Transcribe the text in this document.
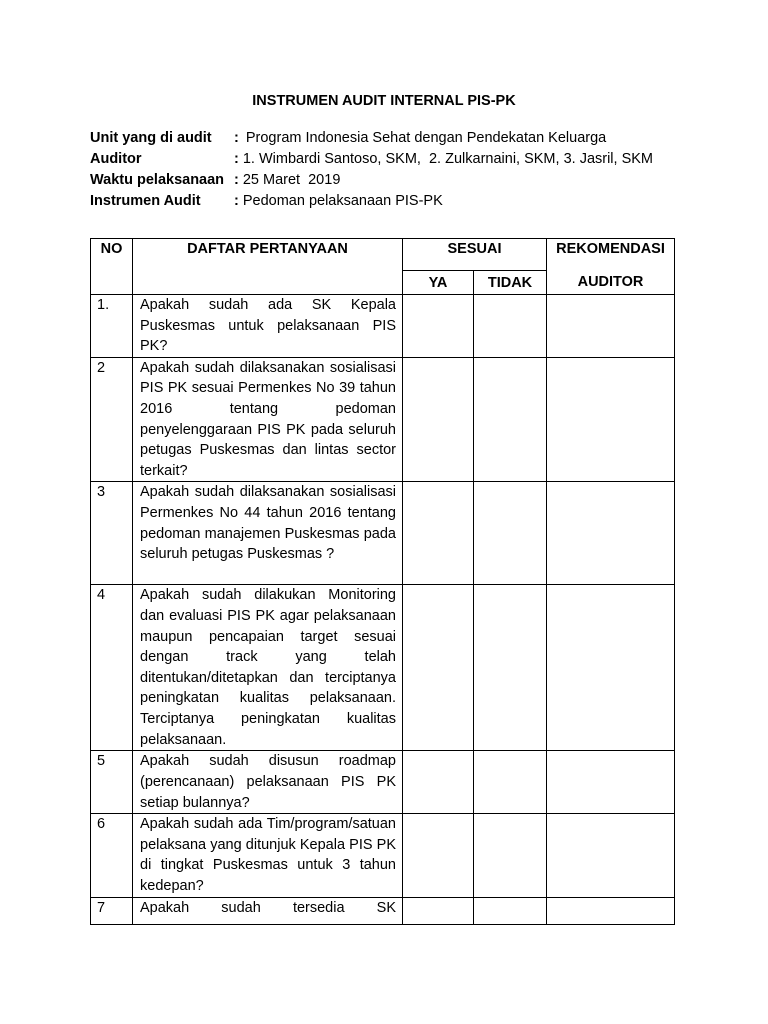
INSTRUMEN AUDIT INTERNAL PIS-PK
Unit yang di audit	: Program Indonesia Sehat dengan Pendekatan Keluarga
Auditor	: 1. Wimbardi Santoso, SKM,  2. Zulkarnaini, SKM, 3. Jasril, SKM
Waktu pelaksanaan : 25 Maret  2019
Instrumen Audit	: Pedoman pelaksanaan PIS-PK
NO	DAFTAR PERTANYAAN	SESUAI		REKOMENDASI
		YA	TIDAK	AUDITOR
1.	Apakah sudah ada SK Kepala Puskesmas untuk pelaksanaan PIS PK?			
2	Apakah sudah dilaksanakan sosialisasi PIS PK sesuai Permenkes No 39 tahun 2016 tentang pedoman penyelenggaraan PIS PK pada seluruh petugas Puskesmas dan lintas sector terkait?			
3	Apakah sudah dilaksanakan sosialisasi Permenkes No 44 tahun 2016 tentang pedoman manajemen Puskesmas pada seluruh petugas Puskesmas ?			
4	Apakah sudah dilakukan Monitoring dan evaluasi PIS PK agar pelaksanaan maupun pencapaian target sesuai dengan track yang telah ditentukan/ditetapkan dan terciptanya peningkatan kualitas pelaksanaan. Terciptanya peningkatan kualitas pelaksanaan.			
5	Apakah sudah disusun roadmap (perencanaan) pelaksanaan PIS PK setiap bulannya?			
6	Apakah sudah ada Tim/program/satuan pelaksana yang ditunjuk Kepala PIS PK di tingkat Puskesmas untuk 3 tahun kedepan?			
7	Apakah sudah tersedia SK			
